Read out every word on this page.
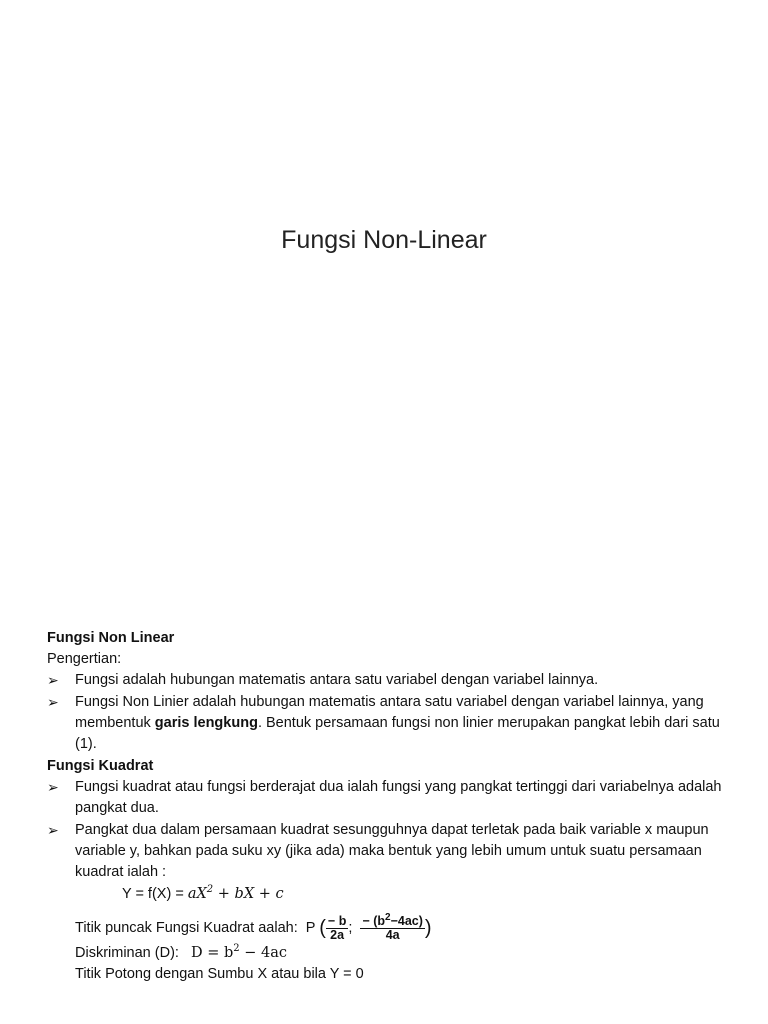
Fungsi Non-Linear
Fungsi Non Linear
Pengertian:
➢	Fungsi adalah hubungan matematis antara satu variabel dengan variabel lainnya.
➢	Fungsi Non Linier adalah hubungan matematis antara satu variabel dengan variabel lainnya, yang membentuk garis lengkung. Bentuk persamaan fungsi non linier merupakan pangkat lebih dari satu (1).
Fungsi Kuadrat
➢	Fungsi kuadrat atau fungsi berderajat dua ialah fungsi yang pangkat tertinggi dari variabelnya adalah pangkat dua.
➢	Pangkat dua dalam persamaan kuadrat sesungguhnya dapat terletak pada baik variable x maupun variable y, bahkan pada suku xy (jika ada) maka bentuk yang lebih umum untuk suatu persamaan kuadrat ialah :
$Y = f(X) = aX^2$ + bX + c
Titik puncak Fungsi Kuadrat aalah: P ( $\frac{- b}{2a}$ ; $\frac{- (b^2-4ac)}{4a}$ )
Diskriminan (D): $D = b^2 - 4ac$
Titik Potong dengan Sumbu X atau bila Y = 0
